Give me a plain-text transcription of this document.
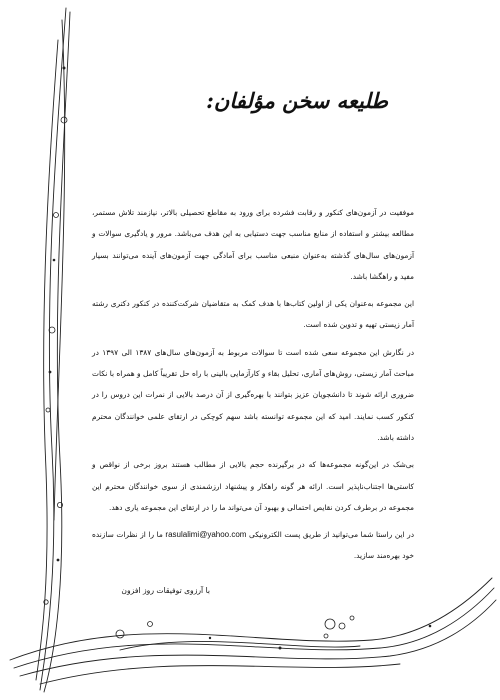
طلیعه سخن مؤلفان:

موفقیت در آزمون‌های کنکور و رقابت فشرده برای ورود به مقاطع تحصیلی بالاتر، نیازمند تلاش مستمر، مطالعه بیشتر و استفاده از منابع مناسب جهت دستیابی به این هدف می‌باشد. مرور و یادگیری سوالات و آزمون‌های سال‌های گذشته به‌عنوان منبعی مناسب برای آمادگی جهت آزمون‌های آینده می‌توانند بسیار مفید و راهگشا باشد.

این مجموعه به‌عنوان یکی از اولین کتاب‌ها با هدف کمک به متقاضیان شرکت‌کننده در کنکور دکتری رشته آمار زیستی تهیه و تدوین شده است.

در نگارش این مجموعه سعی شده است تا سوالات مربوط به آزمون‌های سال‌های ۱۳۸۷ الی ۱۳۹۷ در مباحث آمار زیستی، روش‌های آماری، تحلیل بقاء و کارآزمایی بالینی با راه حل تقریباً کامل و همراه با نکات ضروری ارائه شوند تا دانشجویان عزیز بتوانند با بهره‌گیری از آن درصد بالایی از نمرات این دروس را در کنکور کسب نمایند. امید که این مجموعه توانسته باشد سهم کوچکی در ارتقای علمی خوانندگان محترم داشته باشد.

بی‌شک در این‌گونه مجموعه‌ها که در برگیرنده حجم بالایی از مطالب هستند بروز برخی از نواقص و کاستی‌ها اجتناب‌ناپذیر است. ارائه هر گونه راهکار و پیشنهاد ارزشمندی از سوی خوانندگان محترم این مجموعه در برطرف کردن نقایص احتمالی و بهبود آن می‌تواند ما را در ارتقای این مجموعه یاری دهد.

در این راستا شما می‌توانید از طریق پست الکترونیکی rasulalimi@yahoo.com ما را از نظرات سازنده خود بهره‌مند سازید.

با آرزوی توفیقات روز افزون
